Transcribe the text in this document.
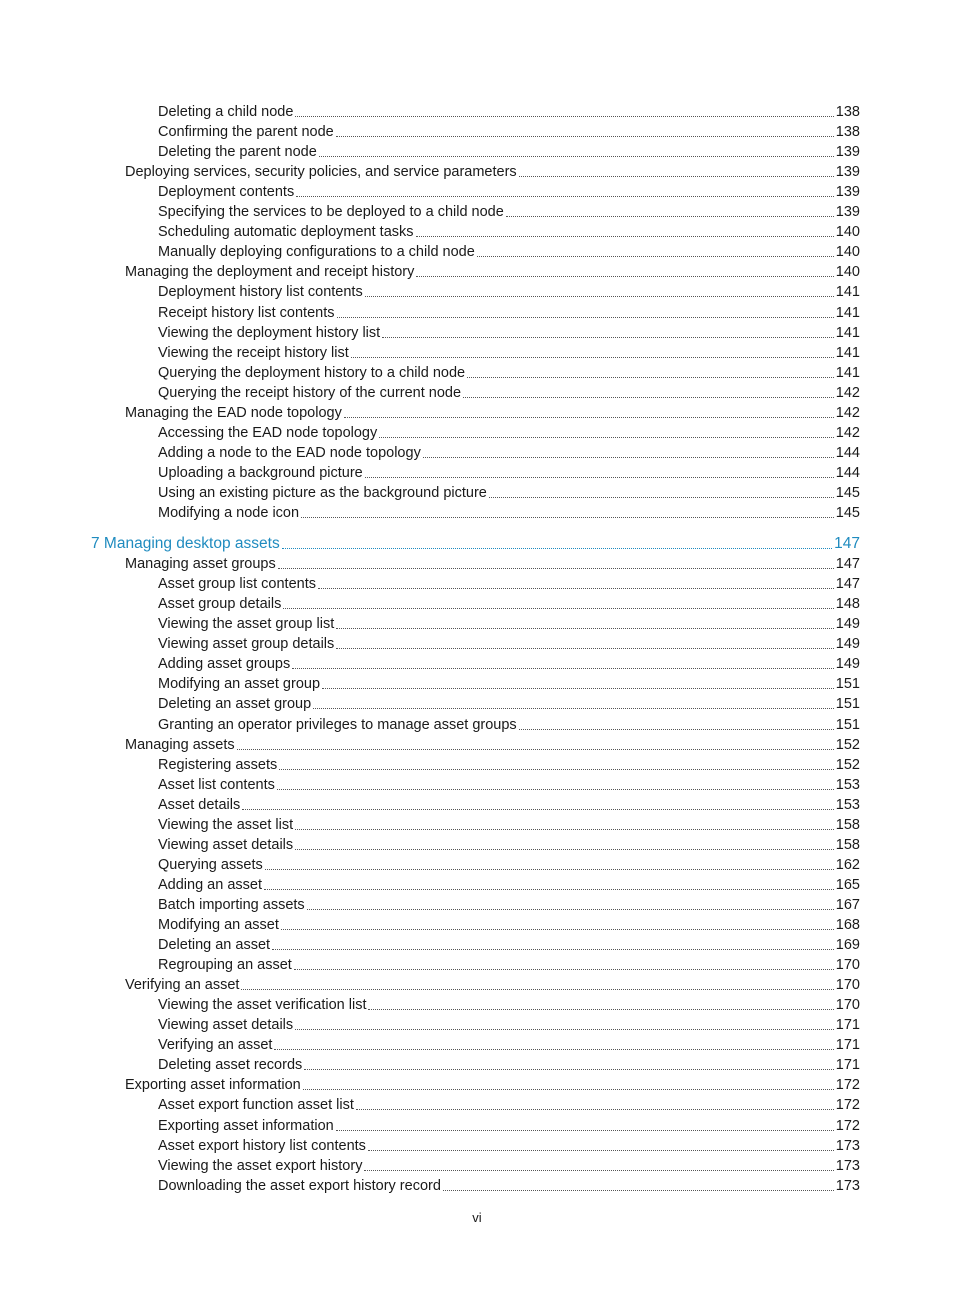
Deleting a child node	138
Confirming the parent node	138
Deleting the parent node	139
Deploying services, security policies, and service parameters	139
Deployment contents	139
Specifying the services to be deployed to a child node	139
Scheduling automatic deployment tasks	140
Manually deploying configurations to a child node	140
Managing the deployment and receipt history	140
Deployment history list contents	141
Receipt history list contents	141
Viewing the deployment history list	141
Viewing the receipt history list	141
Querying the deployment history to a child node	141
Querying the receipt history of the current node	142
Managing the EAD node topology	142
Accessing the EAD node topology	142
Adding a node to the EAD node topology	144
Uploading a background picture	144
Using an existing picture as the background picture	145
Modifying a node icon	145
7 Managing desktop assets	147
Managing asset groups	147
Asset group list contents	147
Asset group details	148
Viewing the asset group list	149
Viewing asset group details	149
Adding asset groups	149
Modifying an asset group	151
Deleting an asset group	151
Granting an operator privileges to manage asset groups	151
Managing assets	152
Registering assets	152
Asset list contents	153
Asset details	153
Viewing the asset list	158
Viewing asset details	158
Querying assets	162
Adding an asset	165
Batch importing assets	167
Modifying an asset	168
Deleting an asset	169
Regrouping an asset	170
Verifying an asset	170
Viewing the asset verification list	170
Viewing asset details	171
Verifying an asset	171
Deleting asset records	171
Exporting asset information	172
Asset export function asset list	172
Exporting asset information	172
Asset export history list contents	173
Viewing the asset export history	173
Downloading the asset export history record	173
vi
